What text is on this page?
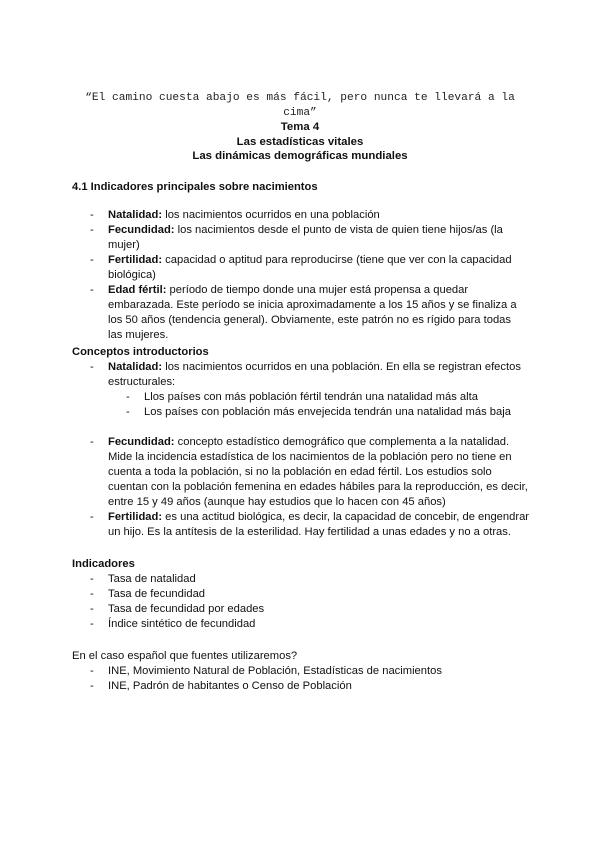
“El camino cuesta abajo es más fácil, pero nunca te llevará a la cima”
Tema 4
Las estadísticas vitales
Las dinámicas demográficas mundiales
4.1 Indicadores principales sobre nacimientos
- Natalidad: los nacimientos ocurridos en una población
- Fecundidad: los nacimientos desde el punto de vista de quien tiene hijos/as (la mujer)
- Fertilidad: capacidad o aptitud para reproducirse (tiene que ver con la capacidad biológica)
- Edad fértil: período de tiempo donde una mujer está propensa a quedar embarazada. Este período se inicia aproximadamente a los 15 años y se finaliza a los 50 años (tendencia general). Obviamente, este patrón no es rígido para todas las mujeres.
Conceptos introductorios
- Natalidad: los nacimientos ocurridos en una población. En ella se registran efectos estructurales:
- Llos países con más población fértil tendrán una natalidad más alta
- Los países con población más envejecida tendrán una natalidad más baja
- Fecundidad: concepto estadístico demográfico que complementa a la natalidad. Mide la incidencia estadística de los nacimientos de la población pero no tiene en cuenta a toda la población, si no la población en edad fértil. Los estudios solo cuentan con la población femenina en edades hábiles para la reproducción, es decir, entre 15 y 49 años (aunque hay estudios que lo hacen con 45 años)
- Fertilidad: es una actitud biológica, es decir, la capacidad de concebir, de engendrar un hijo. Es la antítesis de la esterilidad. Hay fertilidad a unas edades y no a otras.
Indicadores
- Tasa de natalidad
- Tasa de fecundidad
- Tasa de fecundidad por edades
- Índice sintético de fecundidad
En el caso español que fuentes utilizaremos?
- INE, Movimiento Natural de Población, Estadísticas de nacimientos
- INE, Padrón de habitantes o Censo de Población
